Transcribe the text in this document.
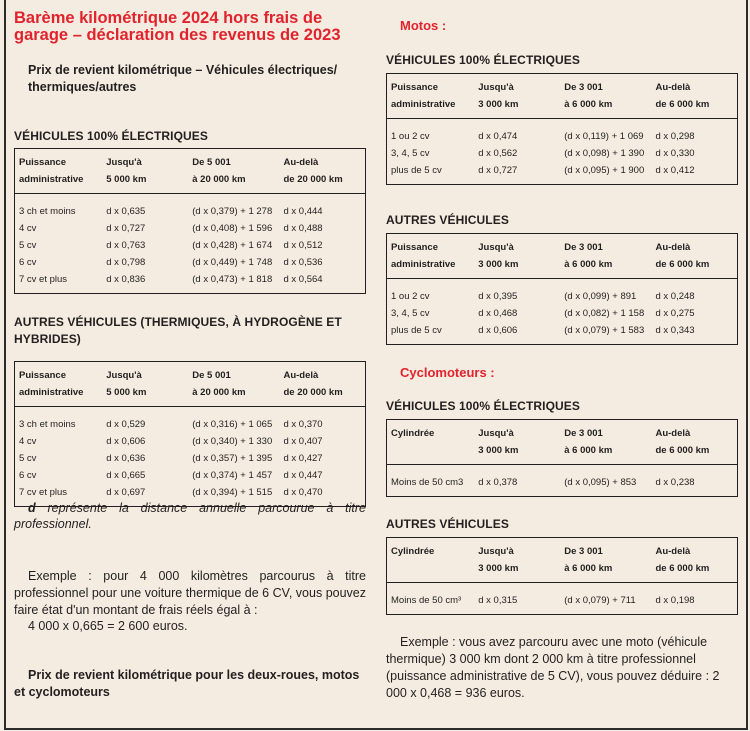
Barème kilométrique 2024 hors frais de garage – déclaration des revenus de 2023
Prix de revient kilométrique – Véhicules électriques/ thermiques/autres
VÉHICULES 100% ÉLECTRIQUES
Puissance	Jusqu'à	De 5 001	Au-delà
administrative	5 000 km	à 20 000 km	de 20 000 km
3 ch et moins	d x 0,635	(d x 0,379) + 1 278	d x 0,444
4 cv	d x 0,727	(d x 0,408) + 1 596	d x 0,488
5 cv	d x 0,763	(d x 0,428) + 1 674	d x 0,512
6 cv	d x 0,798	(d x 0,449) + 1 748	d x 0,536
7 cv et plus	d x 0,836	(d x 0,473) + 1 818	d x 0,564
AUTRES VÉHICULES (THERMIQUES, À HYDROGÈNE ET HYBRIDES)
Puissance	Jusqu'à	De 5 001	Au-delà
administrative	5 000 km	à 20 000 km	de 20 000 km
3 ch et moins	d x 0,529	(d x 0,316) + 1 065	d x 0,370
4 cv	d x 0,606	(d x 0,340) + 1 330	d x 0,407
5 cv	d x 0,636	(d x 0,357) + 1 395	d x 0,427
6 cv	d x 0,665	(d x 0,374) + 1 457	d x 0,447
7 cv et plus	d x 0,697	(d x 0,394) + 1 515	d x 0,470
d représente la distance annuelle parcourue à titre professionnel.
Exemple : pour 4 000 kilomètres parcourus à titre professionnel pour une voiture thermique de 6 CV, vous pouvez faire état d'un montant de frais réels égal à :
4 000 x 0,665 = 2 600 euros.
Prix de revient kilométrique pour les deux-roues, motos et cyclomoteurs
Motos :
VÉHICULES 100% ÉLECTRIQUES
Puissance	Jusqu'à	De 3 001	Au-delà
administrative	3 000 km	à 6 000 km	de 6 000 km
1 ou 2 cv	d x 0,474	(d x 0,119) + 1 069	d x 0,298
3, 4, 5 cv	d x 0,562	(d x 0,098) + 1 390	d x 0,330
plus de 5 cv	d x 0,727	(d x 0,095) + 1 900	d x 0,412
AUTRES VÉHICULES
Puissance	Jusqu'à	De 3 001	Au-delà
administrative	3 000 km	à 6 000 km	de 6 000 km
1 ou 2 cv	d x 0,395	(d x 0,099) + 891	d x 0,248
3, 4, 5 cv	d x 0,468	(d x 0,082) + 1 158	d x 0,275
plus de 5 cv	d x 0,606	(d x 0,079) + 1 583	d x 0,343
Cyclomoteurs :
VÉHICULES 100% ÉLECTRIQUES
Cylindrée	Jusqu'à	De 3 001	Au-delà
	3 000 km	à 6 000 km	de 6 000 km
Moins de 50 cm3	d x 0,378	(d x 0,095) + 853	d x 0,238
AUTRES VÉHICULES
Cylindrée	Jusqu'à	De 3 001	Au-delà
	3 000 km	à 6 000 km	de 6 000 km
Moins de 50 cm³	d x 0,315	(d x 0,079) + 711	d x 0,198
Exemple : vous avez parcouru avec une moto (véhicule thermique) 3 000 km dont 2 000 km à titre professionnel (puissance administrative de 5 CV), vous pouvez déduire : 2 000 x 0,468 = 936 euros.
